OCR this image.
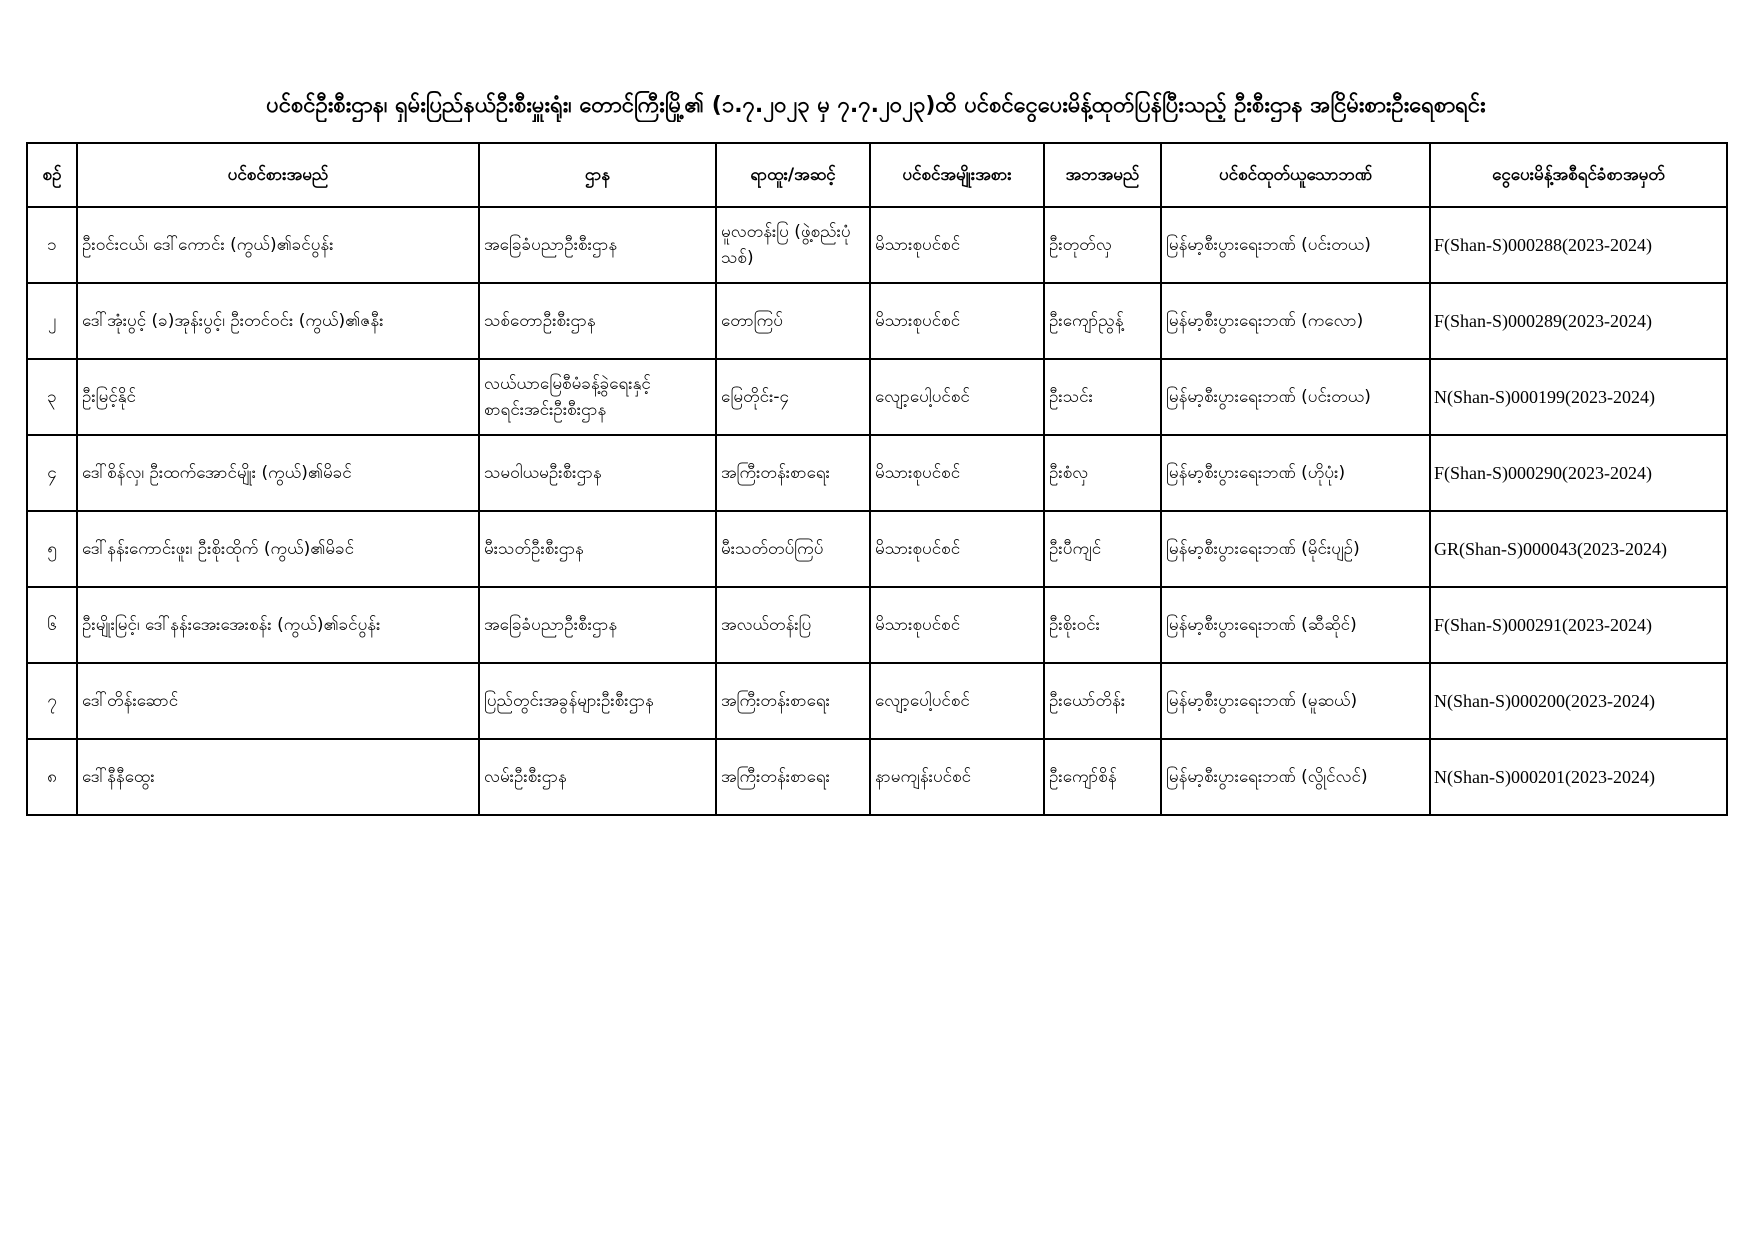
ပင်စင်ဦးစီးဌာန၊ ရှမ်းပြည်နယ်ဦးစီးမှူးရုံး၊ တောင်ကြီးမြို့၏ (၁.၇.၂၀၂၃ မှ ၇.၇.၂၀၂၃)ထိ ပင်စင်ငွေပေးမိန့်ထုတ်ပြန်ပြီးသည့် ဦးစီးဌာန အငြိမ်းစားဦးရေစာရင်း
စဉ်	ပင်စင်စားအမည်	ဌာန	ရာထူး/အဆင့်	ပင်စင်အမျိုးအစား	အဘအမည်	ပင်စင်ထုတ်ယူသောဘဏ်	ငွေပေးမိန့်အစီရင်ခံစာအမှတ်
၁	ဦးဝင်းငယ်၊ ဒေါ်ကောင်း (ကွယ်)၏ခင်ပွန်း	အခြေခံပညာဦးစီးဌာန	မူလတန်းပြ (ဖွဲ့စည်းပုံသစ်)	မိသားစုပင်စင်	ဦးတုတ်လှ	မြန်မာ့စီးပွားရေးဘဏ် (ပင်းတယ)	F(Shan-S)000288(2023-2024)
၂	ဒေါ်အုံးပွင့် (ခ)အုန်းပွင့်၊ ဦးတင်ဝင်း (ကွယ်)၏ဇနီး	သစ်တောဦးစီးဌာန	တောကြပ်	မိသားစုပင်စင်	ဦးကျော်ညွန့်	မြန်မာ့စီးပွားရေးဘဏ် (ကလော)	F(Shan-S)000289(2023-2024)
၃	ဦးမြင့်နိုင်	လယ်ယာမြေစီမံခန့်ခွဲရေးနှင့် စာရင်းအင်းဦးစီးဌာန	မြေတိုင်း-၄	လျော့ပေါ့ပင်စင်	ဦးသင်း	မြန်မာ့စီးပွားရေးဘဏ် (ပင်းတယ)	N(Shan-S)000199(2023-2024)
၄	ဒေါ်စိန်လှ၊ ဦးထက်အောင်မျိုး (ကွယ်)၏မိခင်	သမဝါယမဦးစီးဌာန	အကြီးတန်းစာရေး	မိသားစုပင်စင်	ဦးစံလှ	မြန်မာ့စီးပွားရေးဘဏ် (ဟိုပုံး)	F(Shan-S)000290(2023-2024)
၅	ဒေါ်နန်းကောင်းဖူး၊ ဦးစိုးထိုက် (ကွယ်)၏မိခင်	မီးသတ်ဦးစီးဌာန	မီးသတ်တပ်ကြပ်	မိသားစုပင်စင်	ဦးပီကျင်	မြန်မာ့စီးပွားရေးဘဏ် (မိုင်းပျဉ်)	GR(Shan-S)000043(2023-2024)
၆	ဦးမျိုးမြင့်၊ ဒေါ်နန်းအေးအေးစန်း (ကွယ်)၏ခင်ပွန်း	အခြေခံပညာဦးစီးဌာန	အလယ်တန်းပြ	မိသားစုပင်စင်	ဦးစိုးဝင်း	မြန်မာ့စီးပွားရေးဘဏ် (ဆီဆိုင်)	F(Shan-S)000291(2023-2024)
၇	ဒေါ်တိန်းဆောင်	ပြည်တွင်းအခွန်များဦးစီးဌာန	အကြီးတန်းစာရေး	လျော့ပေါ့ပင်စင်	ဦးယော်တိန်း	မြန်မာ့စီးပွားရေးဘဏ် (မူဆယ်)	N(Shan-S)000200(2023-2024)
၈	ဒေါ်နီနီထွေး	လမ်းဦးစီးဌာန	အကြီးတန်းစာရေး	နာမကျန်းပင်စင်	ဦးကျော်စိန်	မြန်မာ့စီးပွားရေးဘဏ် (လွိုင်လင်)	N(Shan-S)000201(2023-2024)
